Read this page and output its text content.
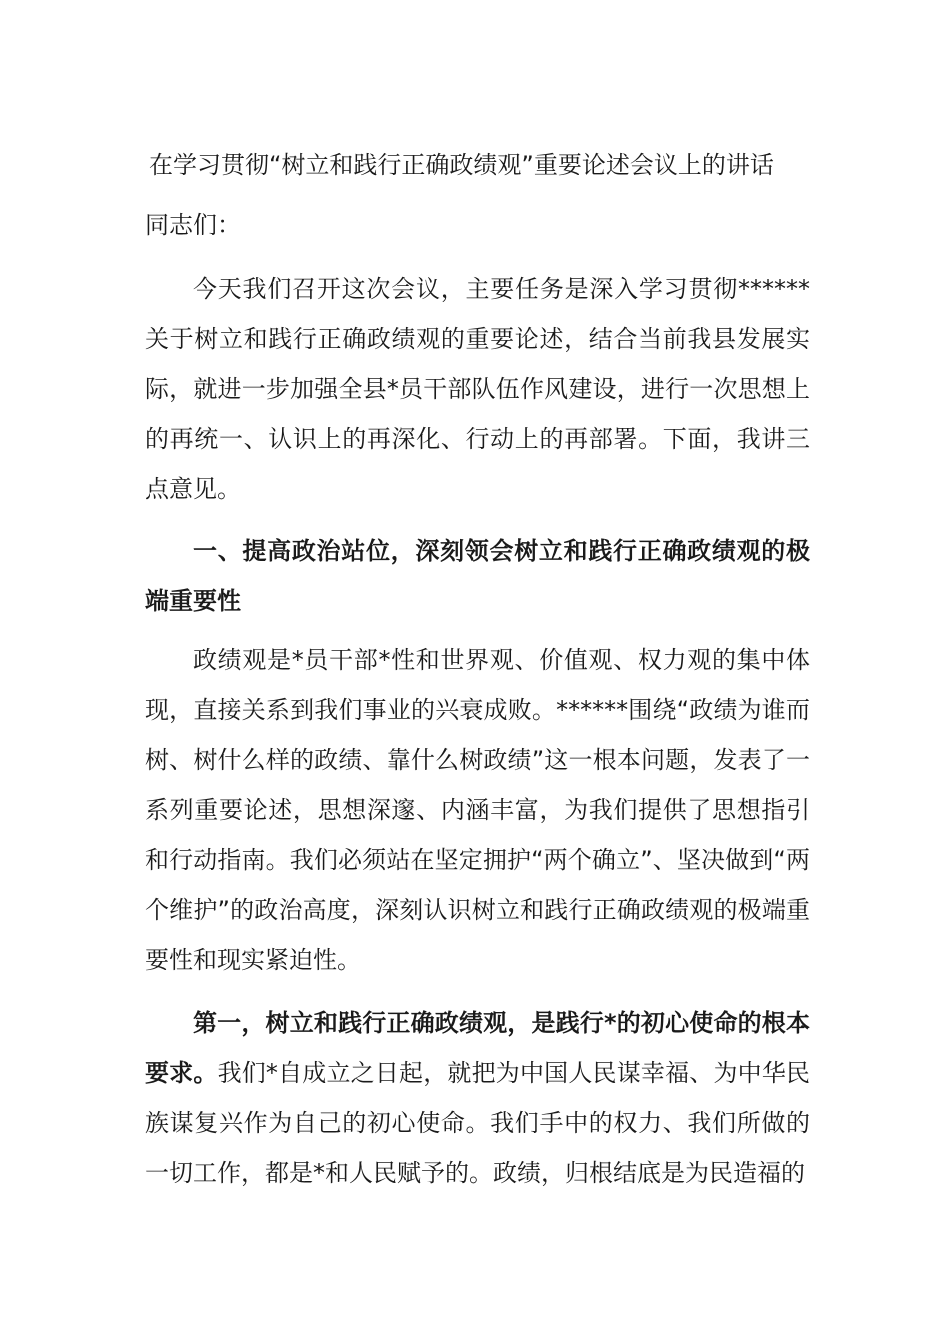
在学习贯彻“树立和践行正确政绩观”重要论述会议上的讲话
同志们：

今天我们召开这次会议，主要任务是深入学习贯彻******关于树立和践行正确政绩观的重要论述，结合当前我县发展实际，就进一步加强全县*员干部队伍作风建设，进行一次思想上的再统一、认识上的再深化、行动上的再部署。下面，我讲三点意见。

一、提高政治站位，深刻领会树立和践行正确政绩观的极端重要性

政绩观是*员干部*性和世界观、价值观、权力观的集中体现，直接关系到我们事业的兴衰成败。******围绕“政绩为谁而树、树什么样的政绩、靠什么树政绩”这一根本问题，发表了一系列重要论述，思想深邃、内涵丰富，为我们提供了思想指引和行动指南。我们必须站在坚定拥护“两个确立”、坚决做到“两个维护”的政治高度，深刻认识树立和践行正确政绩观的极端重要性和现实紧迫性。

第一，树立和践行正确政绩观，是践行*的初心使命的根本要求。我们*自成立之日起，就把为中国人民谋幸福、为中华民族谋复兴作为自己的初心使命。我们手中的权力、我们所做的一切工作，都是*和人民赋予的。政绩，归根结底是为民造福的
